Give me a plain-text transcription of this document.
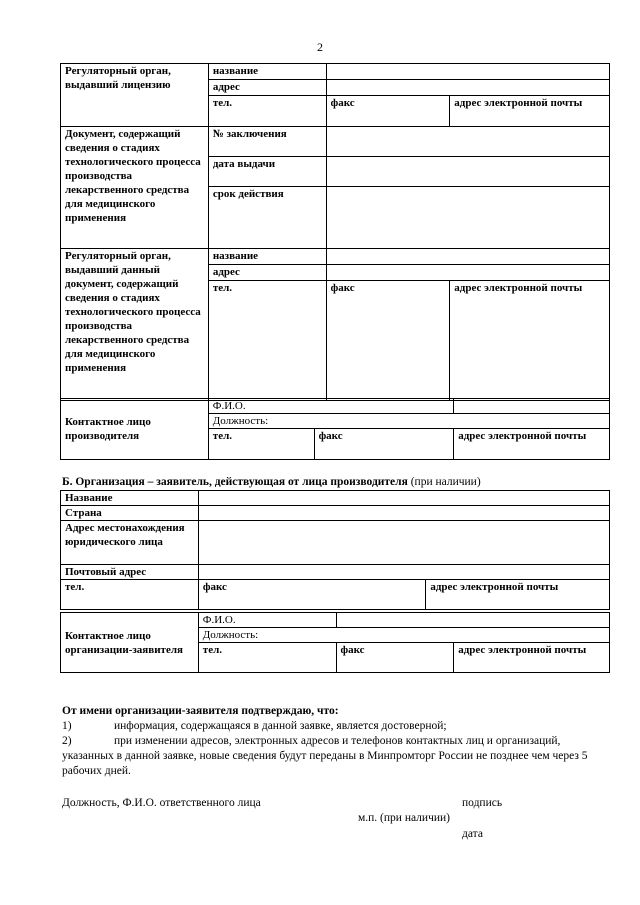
2
Регуляторный орган, выдавший лицензию	название		
	адрес		
	тел.	факс	адрес электронной почты
Документ, содержащий сведения о стадиях технологического процесса производства лекарственного средства для медицинского применения	№ заключения		
	дата выдачи		
	срок действия		
Регуляторный орган, выдавший данный документ, содержащий сведения о стадиях технологического процесса производства лекарственного средства для медицинского применения	название		
	адрес		
	тел.	факс	адрес электронной почты
Контактное лицо производителя	Ф.И.О.		
	Должность:		
	тел.	факс	адрес электронной почты
Б. Организация – заявитель, действующая от лица производителя (при наличии)
Название		
Страна		
Адрес местонахождения юридического лица		
Почтовый адрес		
тел.	факс	адрес электронной почты
Контактное лицо организации-заявителя	Ф.И.О.		
	Должность:		
	тел.	факс	адрес электронной почты
От имени организации-заявителя подтверждаю, что:
1)	информация, содержащаяся в данной заявке, является достоверной;
2)	при изменении адресов, электронных адресов и телефонов контактных лиц и организаций, указанных в данной заявке, новые сведения будут переданы в Минпромторг России не позднее чем через 5 рабочих дней.
Должность, Ф.И.О. ответственного лица	подпись
м.п. (при наличии)
дата
